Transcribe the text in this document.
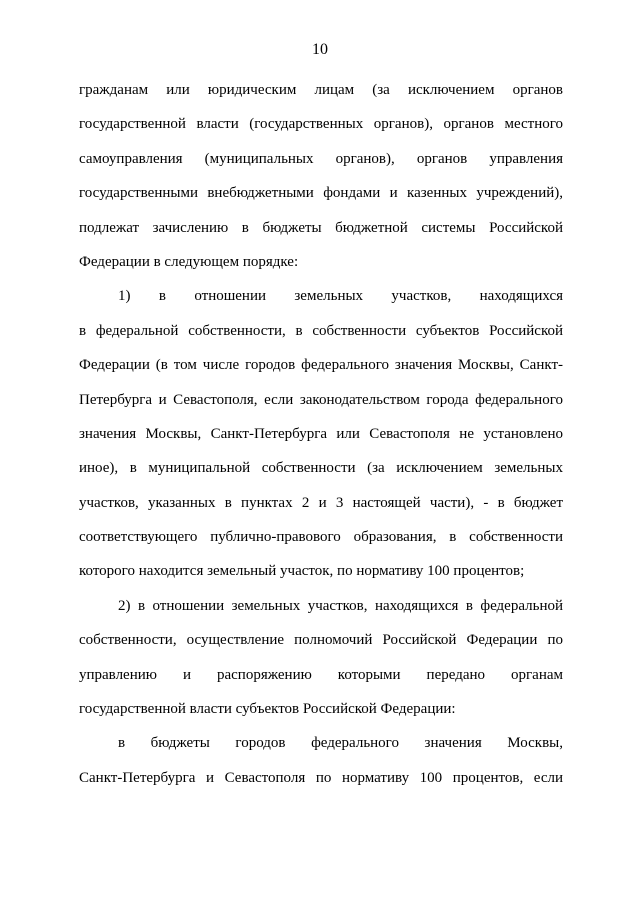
10
гражданам или юридическим лицам (за исключением органов
государственной власти (государственных органов), органов местного
самоуправления (муниципальных органов), органов управления
государственными внебюджетными фондами и казенных учреждений),
подлежат зачислению в бюджеты бюджетной системы Российской
Федерации в следующем порядке:
1) в отношении земельных участков, находящихся
в федеральной собственности, в собственности субъектов Российской
Федерации (в том числе городов федерального значения Москвы, Санкт-
Петербурга и Севастополя, если законодательством города федерального
значения Москвы, Санкт-Петербурга или Севастополя не установлено
иное), в муниципальной собственности (за исключением земельных
участков, указанных в пунктах 2 и 3 настоящей части), - в бюджет
соответствующего публично-правового образования, в собственности
которого находится земельный участок, по нормативу 100 процентов;
2) в отношении земельных участков, находящихся в федеральной
собственности, осуществление полномочий Российской Федерации по
управлению и распоряжению которыми передано органам
государственной власти субъектов Российской Федерации:
в бюджеты городов федерального значения Москвы,
Санкт-Петербурга и Севастополя по нормативу 100 процентов, если
